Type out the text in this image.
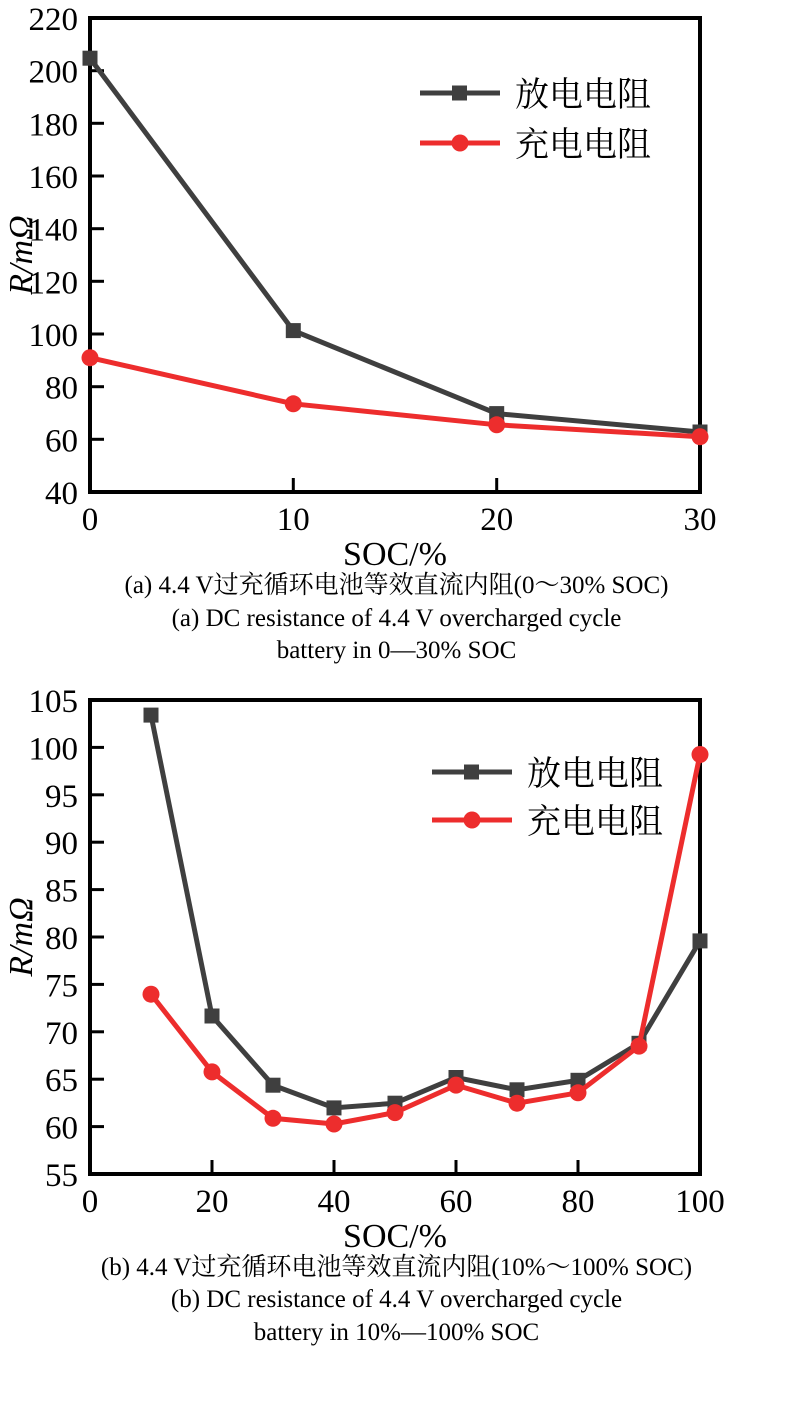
40
60
80
100
120
140
160
180
200
220
0	10	20	30
SOC/%
R/mΩ
放电电阻
充电电阻
(a) 4.4 V过充循环电池等效直流内阻(0～30% SOC)
(a) DC resistance of 4.4 V overcharged cycle
battery in 0—30% SOC
55
60
65
70
75
80
85
90
95
100
105
0	20	40	60	80 100
SOC/%
R/mΩ
放电电阻
充电电阻
(b) 4.4 V过充循环电池等效直流内阻(10%～100% SOC)
(b) DC resistance of 4.4 V overcharged cycle
battery in 10%—100% SOC
